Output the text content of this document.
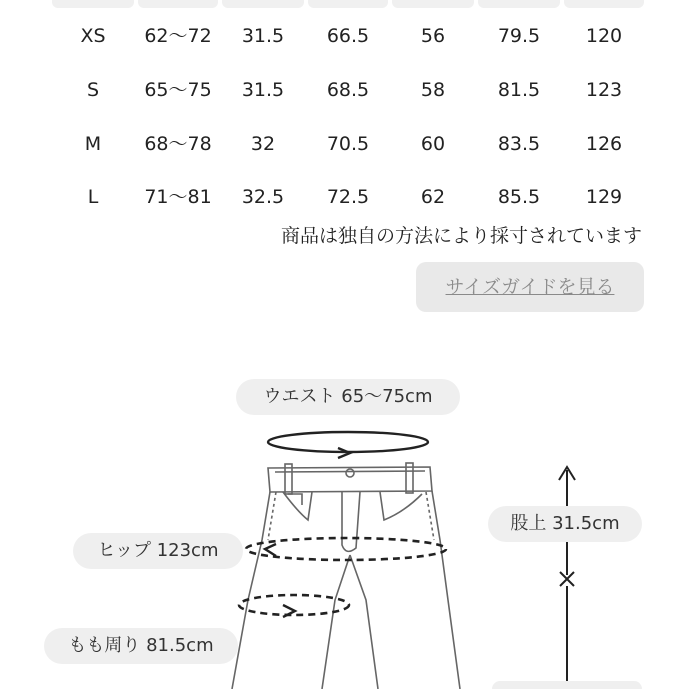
XS	62〜72	31.5	66.5	56	79.5	120
S	65〜75	31.5	68.5	58	81.5	123
M	68〜78	32	70.5	60	83.5	126
L	71〜81	32.5	72.5	62	85.5	129
商品は独自の方法により採寸されています
サイズガイドを見る
ウエスト 65〜75cm
ヒップ 123cm
もも周り 81.5cm
股上 31.5cm
